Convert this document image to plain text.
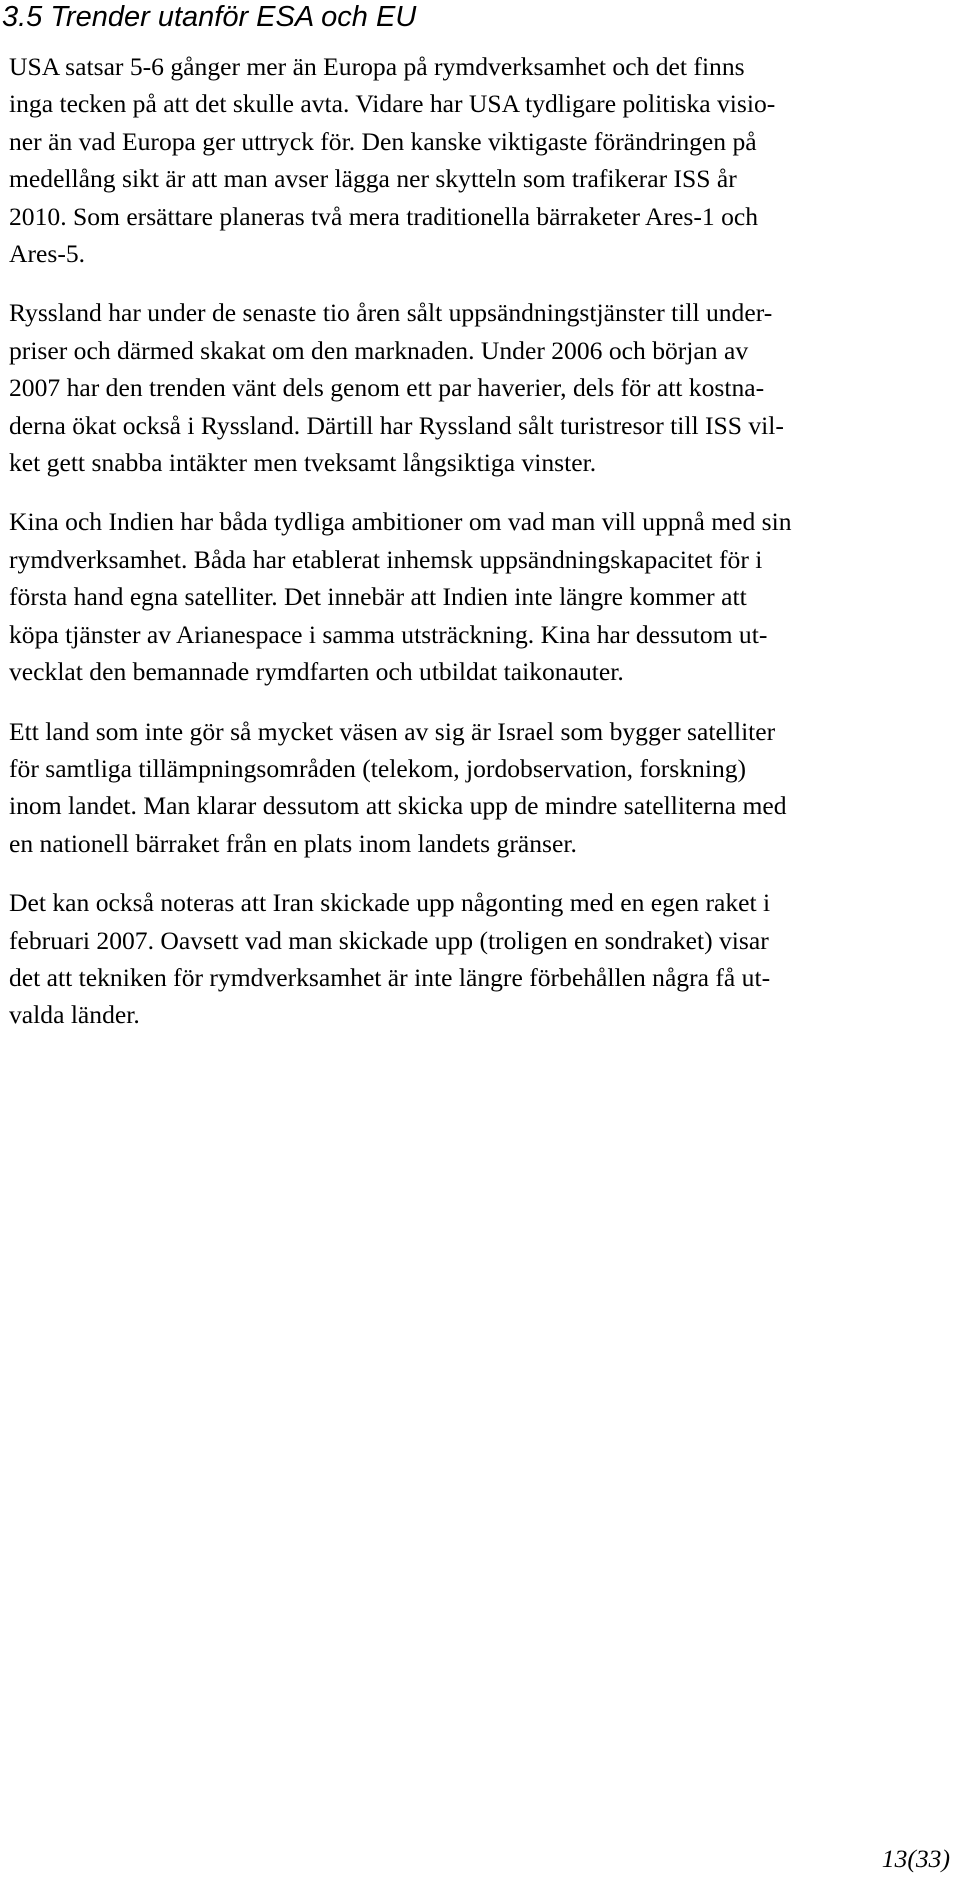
3.5 Trender utanför ESA och EU

USA satsar 5-6 gånger mer än Europa på rymdverksamhet och det finns
inga tecken på att det skulle avta. Vidare har USA tydligare politiska visio-
ner än vad Europa ger uttryck för. Den kanske viktigaste förändringen på
medellång sikt är att man avser lägga ner skytteln som trafikerar ISS år
2010. Som ersättare planeras två mera traditionella bärraketer Ares-1 och
Ares-5.

Ryssland har under de senaste tio åren sålt uppsändningstjänster till under-
priser och därmed skakat om den marknaden. Under 2006 och början av
2007 har den trenden vänt dels genom ett par haverier, dels för att kostna-
derna ökat också i Ryssland. Därtill har Ryssland sålt turistresor till ISS vil-
ket gett snabba intäkter men tveksamt långsiktiga vinster.

Kina och Indien har båda tydliga ambitioner om vad man vill uppnå med sin
rymdverksamhet. Båda har etablerat inhemsk uppsändningskapacitet för i
första hand egna satelliter. Det innebär att Indien inte längre kommer att
köpa tjänster av Arianespace i samma utsträckning. Kina har dessutom ut-
vecklat den bemannade rymdfarten och utbildat taikonauter.

Ett land som inte gör så mycket väsen av sig är Israel som bygger satelliter
för samtliga tillämpningsområden (telekom, jordobservation, forskning)
inom landet. Man klarar dessutom att skicka upp de mindre satelliterna med
en nationell bärraket från en plats inom landets gränser.

Det kan också noteras att Iran skickade upp någonting med en egen raket i
februari 2007. Oavsett vad man skickade upp (troligen en sondraket) visar
det att tekniken för rymdverksamhet är inte längre förbehållen några få ut-
valda länder.

13(33)
